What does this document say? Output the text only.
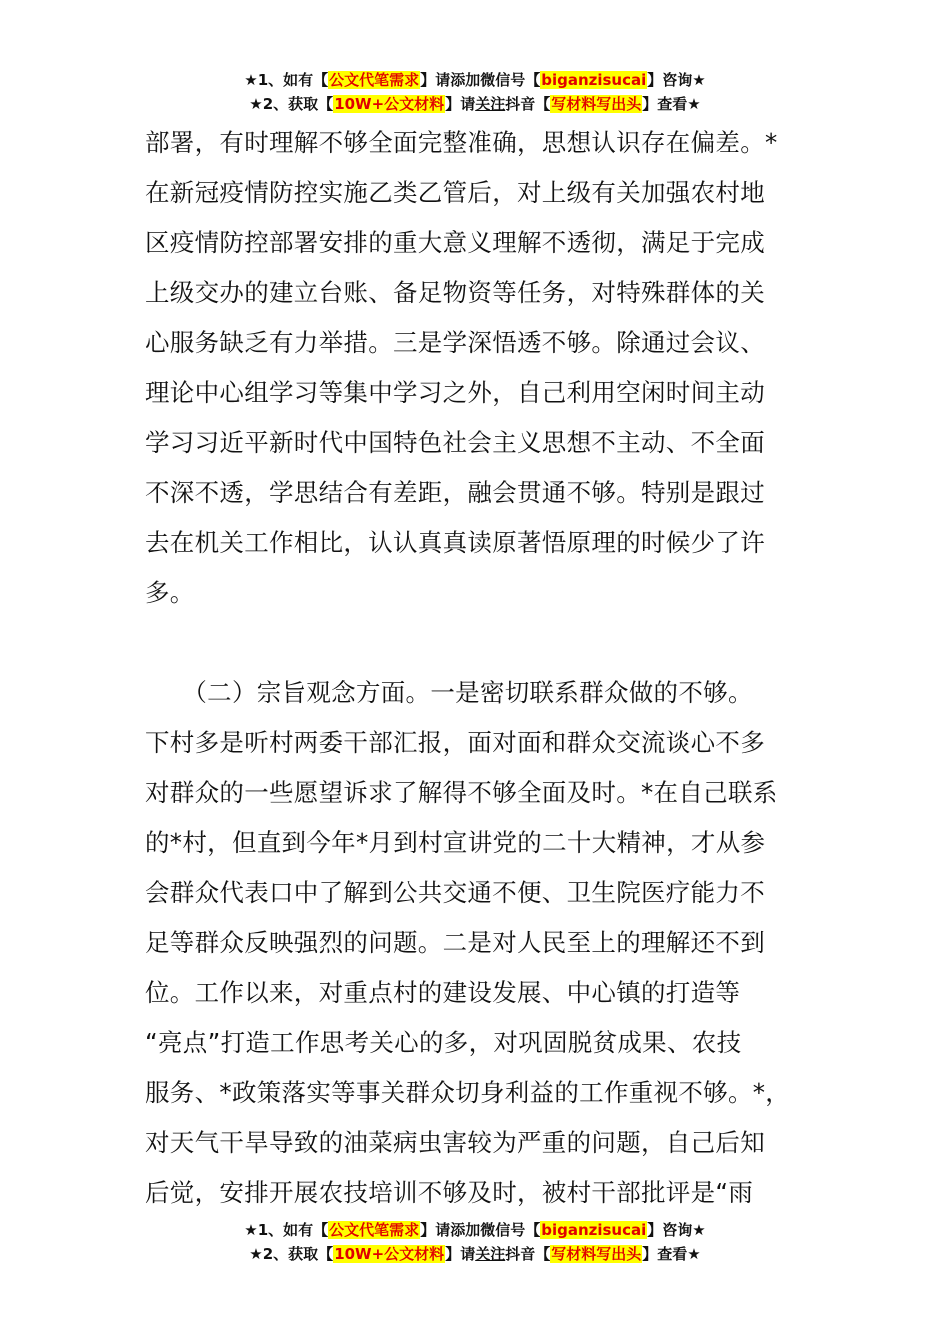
★1、如有【公文代笔需求】请添加微信号【biganzisucai】咨询★
★2、获取【10W+公文材料】请关注抖音【写材料写出头】查看★
部署，有时理解不够全面完整准确，思想认识存在偏差。*
在新冠疫情防控实施乙类乙管后，对上级有关加强农村地
区疫情防控部署安排的重大意义理解不透彻，满足于完成
上级交办的建立台账、备足物资等任务，对特殊群体的关
心服务缺乏有力举措。三是学深悟透不够。除通过会议、
理论中心组学习等集中学习之外，自己利用空闲时间主动
学习习近平新时代中国特色社会主义思想不主动、不全面
不深不透，学思结合有差距，融会贯通不够。特别是跟过
去在机关工作相比，认认真真读原著悟原理的时候少了许
多。
　　（二）宗旨观念方面。一是密切联系群众做的不够。
下村多是听村两委干部汇报，面对面和群众交流谈心不多
对群众的一些愿望诉求了解得不够全面及时。*在自己联系
的*村，但直到今年*月到村宣讲党的二十大精神，才从参
会群众代表口中了解到公共交通不便、卫生院医疗能力不
足等群众反映强烈的问题。二是对人民至上的理解还不到
位。工作以来，对重点村的建设发展、中心镇的打造等
“亮点”打造工作思考关心的多，对巩固脱贫成果、农技
服务、*政策落实等事关群众切身利益的工作重视不够。*，
对天气干旱导致的油菜病虫害较为严重的问题，自己后知
后觉，安排开展农技培训不够及时，被村干部批评是“雨
★1、如有【公文代笔需求】请添加微信号【biganzisucai】咨询★
★2、获取【10W+公文材料】请关注抖音【写材料写出头】查看★
